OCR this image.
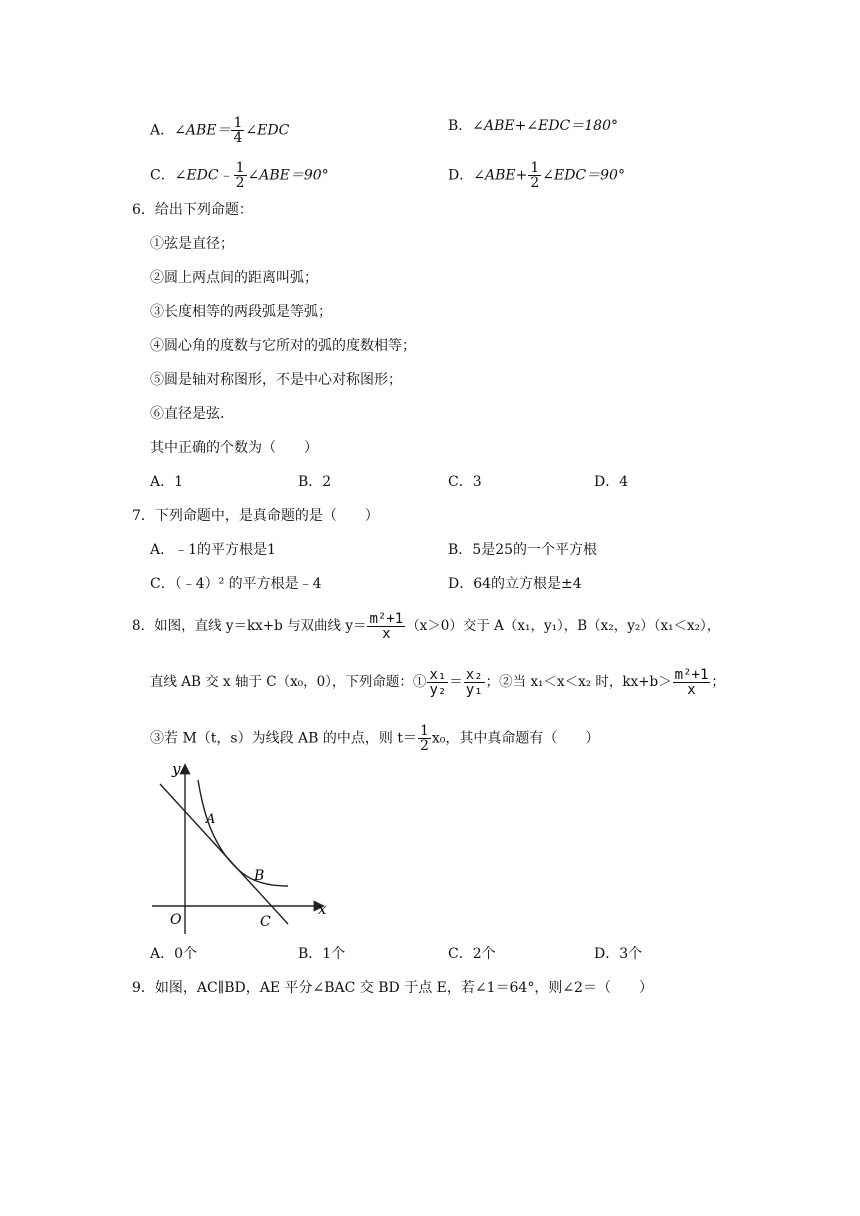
A．∠ABE＝ $\frac{1}{4}$ ∠EDC	B．∠ABE+∠EDC＝180°
C．∠EDC﹣ $\frac{1}{2}$ ∠ABE＝90°	D．∠ABE+ $\frac{1}{2}$ ∠EDC＝90°
6．给出下列命题：
①弦是直径；
②圆上两点间的距离叫弧；
③长度相等的两段弧是等弧；
④圆心角的度数与它所对的弧的度数相等；
⑤圆是轴对称图形，不是中心对称图形；
⑥直径是弦．
其中正确的个数为（　　）
A．1	B．2	C．3	D．4
7．下列命题中，是真命题的是（　　）
A．﹣1的平方根是1	B．5是25的一个平方根
C．（﹣4）² 的平方根是﹣4	D．64的立方根是±4
8．如图，直线 y＝kx+b 与双曲线 $y= \frac{\text{m²+1}}{x} (x>0)$交于 A（x₁，y₁），B（x₂，y₂）（x₁＜x₂），
直线 AB 交 x 轴于 C（x₀，0），下列命题：① $\frac{\text{x₁}}{\text{y₂}} = \frac{\text{x₂}}{\text{y₁}}$ ；②当 x₁＜x＜x₂ 时，$kx+b> \frac{\text{m²+1}}{x}$ ；
③若 M（t，s）为线段 AB 的中点，则 $t= \frac{1}{2} x_0$，其中真命题有（　　）
y
x
O
A
B
C
A．0个	B．1个	C．2个	D．3个
9．如图，AC∥BD，AE 平分∠BAC 交 BD 于点 E，若∠1＝64°，则∠2＝（　　）
